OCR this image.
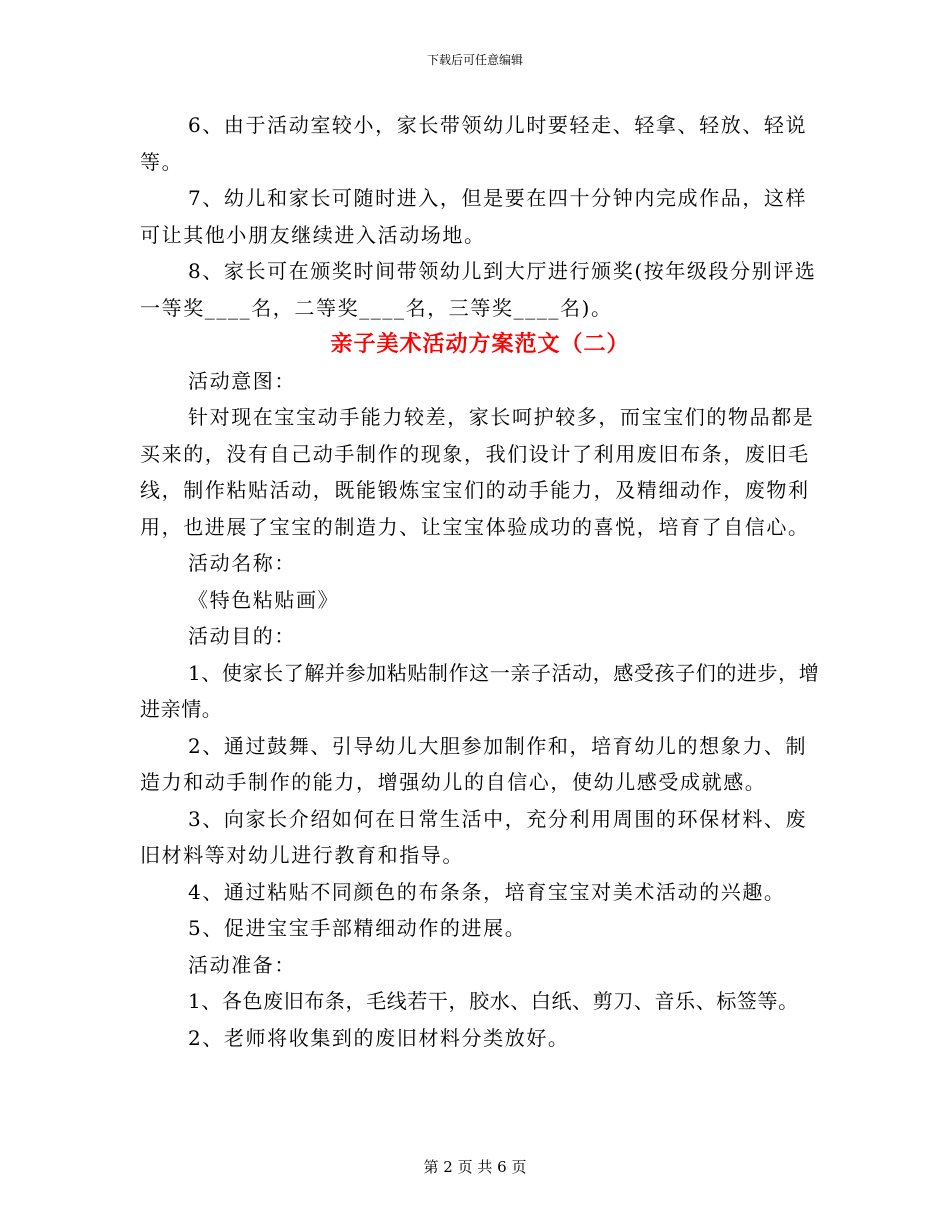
下载后可任意编辑

6、由于活动室较小，家长带领幼儿时要轻走、轻拿、轻放、轻说等。

7、幼儿和家长可随时进入，但是要在四十分钟内完成作品，这样可让其他小朋友继续进入活动场地。

8、家长可在颁奖时间带领幼儿到大厅进行颁奖(按年级段分别评选一等奖____名，二等奖____名，三等奖____名)。

亲子美术活动方案范文（二）

活动意图：

针对现在宝宝动手能力较差，家长呵护较多，而宝宝们的物品都是买来的，没有自己动手制作的现象，我们设计了利用废旧布条，废旧毛线，制作粘贴活动，既能锻炼宝宝们的动手能力，及精细动作，废物利用，也进展了宝宝的制造力、让宝宝体验成功的喜悦，培育了自信心。

活动名称：

《特色粘贴画》

活动目的：

1、使家长了解并参加粘贴制作这一亲子活动，感受孩子们的进步，增进亲情。

2、通过鼓舞、引导幼儿大胆参加制作和，培育幼儿的想象力、制造力和动手制作的能力，增强幼儿的自信心，使幼儿感受成就感。

3、向家长介绍如何在日常生活中，充分利用周围的环保材料、废旧材料等对幼儿进行教育和指导。

4、通过粘贴不同颜色的布条条，培育宝宝对美术活动的兴趣。

5、促进宝宝手部精细动作的进展。

活动准备：

1、各色废旧布条，毛线若干，胶水、白纸、剪刀、音乐、标签等。

2、老师将收集到的废旧材料分类放好。

第 2 页 共 6 页
